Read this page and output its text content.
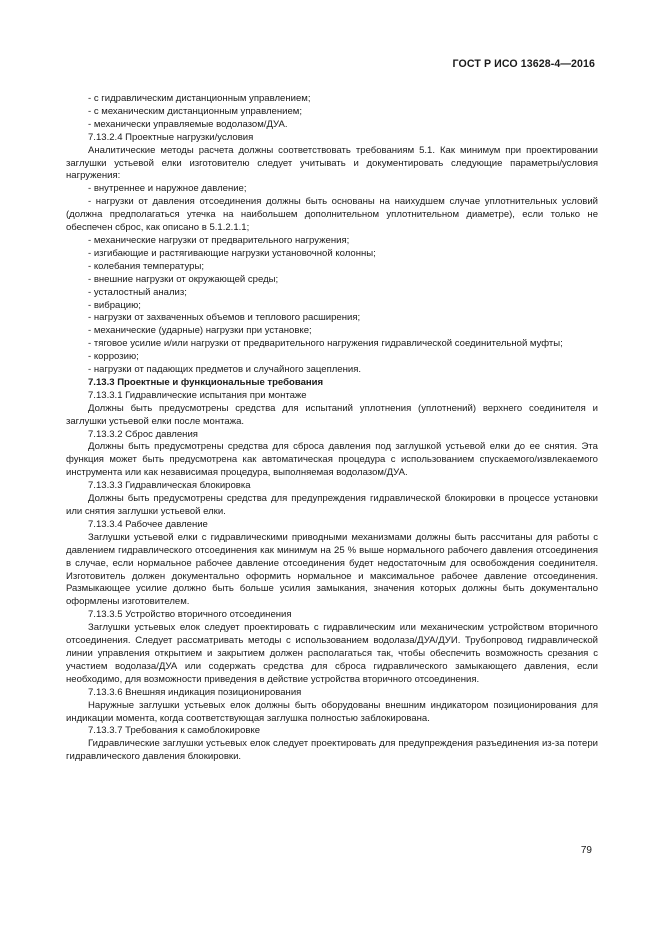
ГОСТ Р ИСО 13628-4—2016

- с гидравлическим дистанционным управлением;

- с механическим дистанционным управлением;

- механически управляемые водолазом/ДУА.

7.13.2.4 Проектные нагрузки/условия

Аналитические методы расчета должны соответствовать требованиям 5.1. Как минимум при проектировании заглушки устьевой елки изготовителю следует учитывать и документировать следующие параметры/условия нагружения:

- внутреннее и наружное давление;

- нагрузки от давления отсоединения должны быть основаны на наихудшем случае уплотнительных условий (должна предполагаться утечка на наибольшем дополнительном уплотнительном диаметре), если только не обеспечен сброс, как описано в 5.1.2.1.1;

- механические нагрузки от предварительного нагружения;

- изгибающие и растягивающие нагрузки установочной колонны;

- колебания температуры;

- внешние нагрузки от окружающей среды;

- усталостный анализ;

- вибрацию;

- нагрузки от захваченных объемов и теплового расширения;

- механические (ударные) нагрузки при установке;

- тяговое усилие и/или нагрузки от предварительного нагружения гидравлической соединительной муфты;

- коррозию;

- нагрузки от падающих предметов и случайного зацепления.

7.13.3 Проектные и функциональные требования

7.13.3.1 Гидравлические испытания при монтаже

Должны быть предусмотрены средства для испытаний уплотнения (уплотнений) верхнего соединителя и заглушки устьевой елки после монтажа.

7.13.3.2 Сброс давления

Должны быть предусмотрены средства для сброса давления под заглушкой устьевой елки до ее снятия. Эта функция может быть предусмотрена как автоматическая процедура с использованием спускаемого/извлекаемого инструмента или как независимая процедура, выполняемая водолазом/ДУА.

7.13.3.3 Гидравлическая блокировка

Должны быть предусмотрены средства для предупреждения гидравлической блокировки в процессе установки или снятия заглушки устьевой елки.

7.13.3.4 Рабочее давление

Заглушки устьевой елки с гидравлическими приводными механизмами должны быть рассчитаны для работы с давлением гидравлического отсоединения как минимум на 25 % выше нормального рабочего давления отсоединения в случае, если нормальное рабочее давление отсоединения будет недостаточным для освобождения соединителя. Изготовитель должен документально оформить нормальное и максимальное рабочее давление отсоединения. Размыкающее усилие должно быть больше усилия замыкания, значения которых должны быть документально оформлены изготовителем.

7.13.3.5 Устройство вторичного отсоединения

Заглушки устьевых елок следует проектировать с гидравлическим или механическим устройством вторичного отсоединения. Следует рассматривать методы с использованием водолаза/ДУА/ДУИ. Трубопровод гидравлической линии управления открытием и закрытием должен располагаться так, чтобы обеспечить возможность срезания с участием водолаза/ДУА или содержать средства для сброса гидравлического замыкающего давления, если необходимо, для возможности приведения в действие устройства вторичного отсоединения.

7.13.3.6 Внешняя индикация позиционирования

Наружные заглушки устьевых елок должны быть оборудованы внешним индикатором позиционирования для индикации момента, когда соответствующая заглушка полностью заблокирована.

7.13.3.7 Требования к самоблокировке

Гидравлические заглушки устьевых елок следует проектировать для предупреждения разъединения из-за потери гидравлического давления блокировки.

79
